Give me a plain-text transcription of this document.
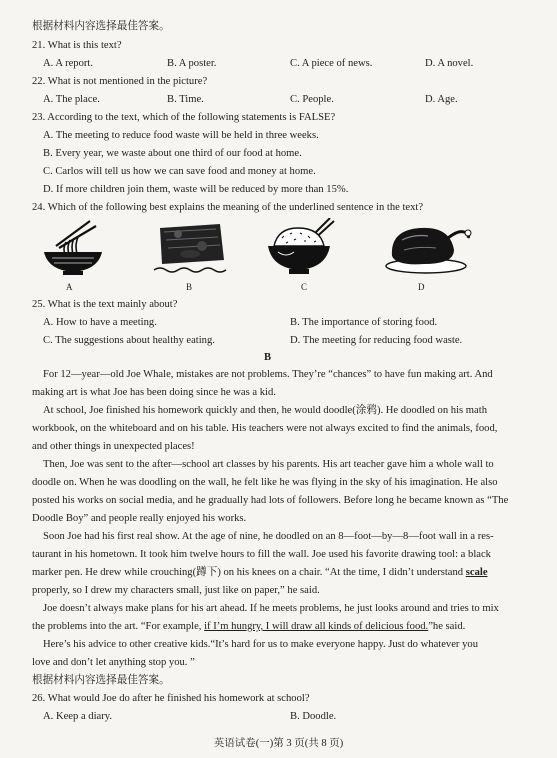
根据材料内容选择最佳答案。
21. What is this text?
A. A report.	B. A poster.	C. A piece of news.	D. A novel.
22. What is not mentioned in the picture?
A. The place.	B. Time.	C. People.	D. Age.
23. According to the text, which of the following statements is FALSE?
A. The meeting to reduce food waste will be held in three weeks.
B. Every year, we waste about one third of our food at home.
C. Carlos will tell us how we can save food and money at home.
D. If more children join them, waste will be reduced by more than 15%.
24. Which of the following best explains the meaning of the underlined sentence in the text?
A	B	C	D
25. What is the text mainly about?
A. How to have a meeting.	B. The importance of storing food.
C. The suggestions about healthy eating.	D. The meeting for reducing food waste.
B
For 12—year—old Joe Whale, mistakes are not problems. They’re “chances” to have fun making art. And
making art is what Joe has been doing since he was a kid.
At school, Joe finished his homework quickly and then, he would doodle(涂鸦). He doodled on his math
workbook, on the whiteboard and on his table. His teachers were not always excited to find the animals, food,
and other things in unexpected places!
Then, Joe was sent to the after—school art classes by his parents. His art teacher gave him a whole wall to
doodle on. When he was doodling on the wall, he felt like he was flying in the sky of his imagination. He also
posted his works on social media, and he gradually had lots of followers. Before long he became known as “The
Doodle Boy” and people really enjoyed his works.
Soon Joe had his first real show. At the age of nine, he doodled on an 8—foot—by—8—foot wall in a res-
taurant in his hometown. It took him twelve hours to fill the wall. Joe used his favorite drawing tool: a black
marker pen. He drew while crouching(蹲下) on his knees on a chair. “At the time, I didn’t understand scale
properly, so I drew my characters small, just like on paper,” he said.
Joe doesn’t always make plans for his art ahead. If he meets problems, he just looks around and tries to mix
the problems into the art. “For example, if I’m hungry, I will draw all kinds of delicious food.”he said.
Here’s his advice to other creative kids.“It’s hard for us to make everyone happy. Just do whatever you
love and don’t let anything stop you. ”
根据材料内容选择最佳答案。
26. What would Joe do after he finished his homework at school?
A. Keep a diary.	B. Doodle.
英语试卷(一)第 3 页(共 8 页)
